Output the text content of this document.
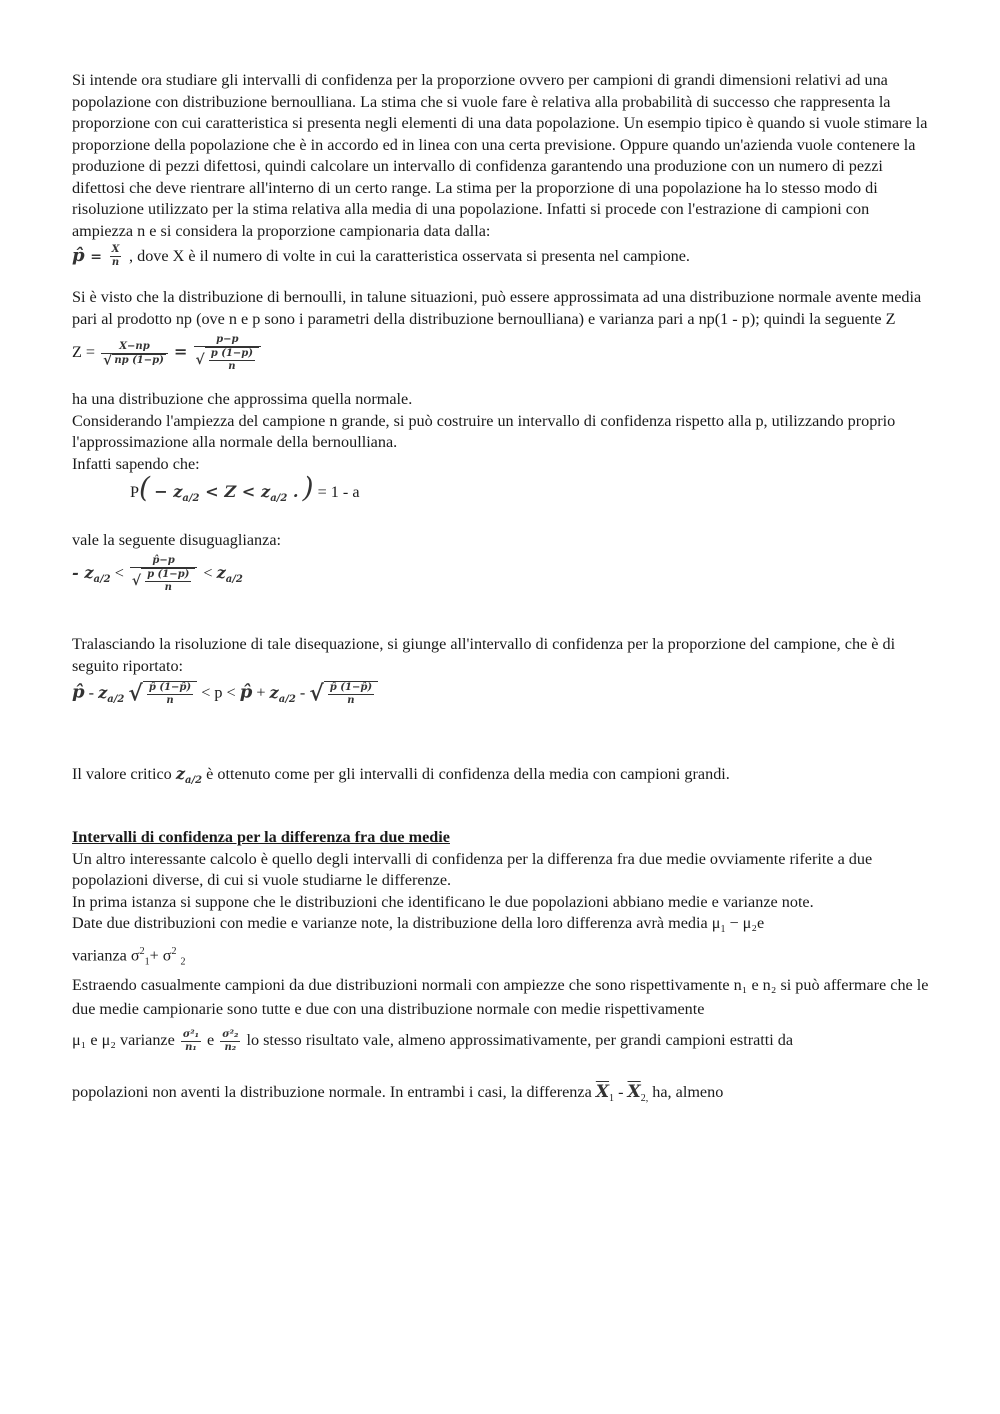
Si intende ora studiare gli intervalli di confidenza per la proporzione ovvero per campioni di grandi dimensioni relativi ad una popolazione con distribuzione bernoulliana. La stima che si vuole fare è relativa alla probabilità di successo che rappresenta la proporzione con cui caratteristica si presenta negli elementi di una data popolazione. Un esempio tipico è quando si vuole stimare la proporzione della popolazione che è in accordo ed in linea con una certa previsione. Oppure quando un'azienda vuole contenere la produzione di pezzi difettosi, quindi calcolare un intervallo di confidenza garantendo una produzione con un numero di pezzi difettosi che deve rientrare all'interno di un certo range. La stima per la proporzione di una popolazione ha lo stesso modo di risoluzione utilizzato per la stima relativa alla media di una popolazione. Infatti si procede con l'estrazione di campioni con ampiezza n e si considera la proporzione campionaria data dalla:

p̂ = $\frac{X}{n}$ , dove X è il numero di volte in cui la caratteristica osservata si presenta nel campione.

Si è visto che la distribuzione di bernoulli, in talune situazioni, può essere approssimata ad una distribuzione normale avente media pari al prodotto np (ove n e p sono i parametri della distribuzione bernoulliana) e varianza pari a np(1 - p); quindi la seguente Z

$Z = \frac{X-np}{√ np (1-p)} = \frac{p-p}{√ \frac{p (1-p)}{n}}$

ha una distribuzione che approssima quella normale.

Considerando l'ampiezza del campione n grande, si può costruire un intervallo di confidenza rispetto alla p, utilizzando proprio l'approssimazione alla normale della bernoulliana.

Infatti sapendo che:

$P( - z_{a/2} < Z < z_{a/2}$ . ) = 1 - a

vale la seguente disuguaglianza:

- $z_{a/2} < \frac{p̂-p}{√ \frac{p (1-p)}{n}} < z_{a/2}$

Tralasciando la risoluzione di tale disequazione, si giunge all'intervallo di confidenza per la proporzione del campione, che è di seguito riportato:

p̂ - $z_{a/2}$ √ $\frac{p̂ (1-p̂)}{n} < p$ < p̂ + $z_{a/2}$ - √ $\frac{p̂ (1-p̂)}{n}$

Il valore critico $z_{a/2}$ è ottenuto come per gli intervalli di confidenza della media con campioni grandi.

Intervalli di confidenza per la differenza fra due medie

Un altro interessante calcolo è quello degli intervalli di confidenza per la differenza fra due medie ovviamente riferite a due popolazioni diverse, di cui si vuole studiarne le differenze.

In prima istanza si suppone che le distribuzioni che identificano le due popolazioni abbiano medie e varianze note.

Date due distribuzioni con medie e varianze note, la distribuzione della loro differenza avrà media $\mu_1 - \mu_2e$

varianza $\sigma^2_1+ \sigma^2$ $_2$

Estraendo casualmente campioni da due distribuzioni normali con ampiezze che sono rispettivamente n₁ e n₂ si può affermare che le due medie campionarie sono tutte e due con una distribuzione normale con medie rispettivamente

μ₁ e μ₂ varianze $\frac{\text{σ²₁}}{\text{n₁}}$ e $\frac{\text{σ²₂}}{\text{n₂}}$ lo stesso risultato vale, almeno approssimativamente, per grandi campioni estratti da

popolazioni non aventi la distribuzione normale. In entrambi i casi, la differenza $\overline{X}_1 - \overline{X}_{2,}$ ha, almeno
